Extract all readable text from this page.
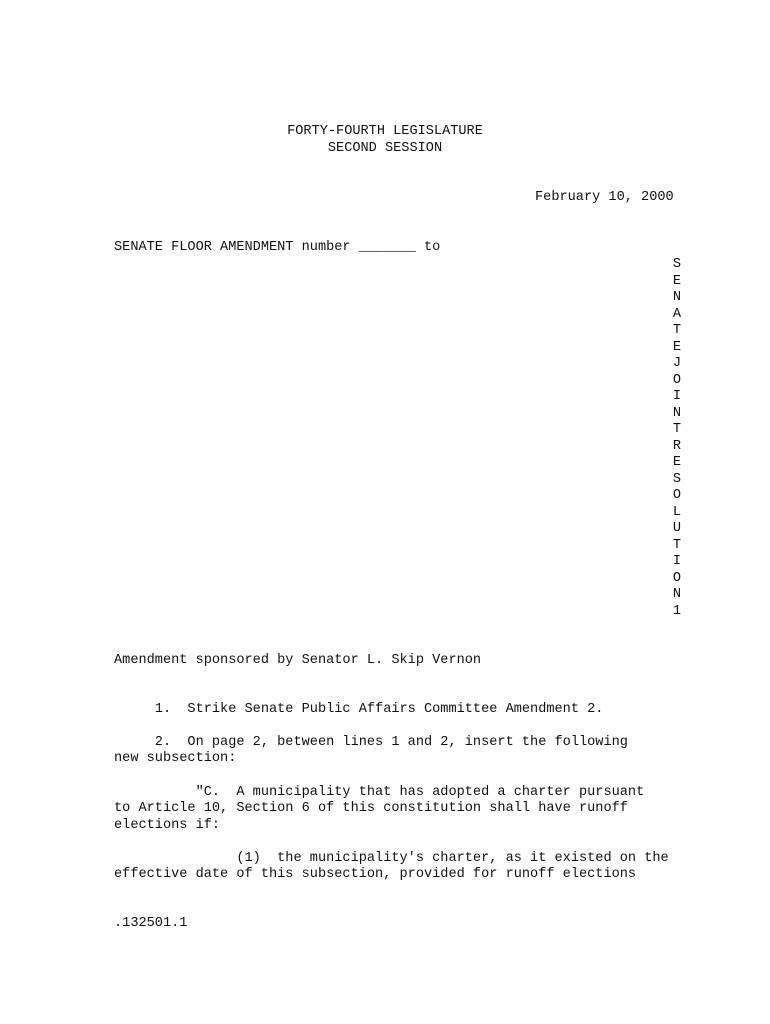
FORTY-FOURTH LEGISLATURE
SECOND SESSION
February 10, 2000
SENATE FLOOR AMENDMENT number _______ to
S
E
N
A
T
E
J
O
I
N
T
R
E
S
O
L
U
T
I
O
N
1
Amendment sponsored by Senator L. Skip Vernon
1.  Strike Senate Public Affairs Committee Amendment 2.
2.  On page 2, between lines 1 and 2, insert the following
new subsection:
"C.  A municipality that has adopted a charter pursuant
to Article 10, Section 6 of this constitution shall have runoff
elections if:
(1)  the municipality's charter, as it existed on the
effective date of this subsection, provided for runoff elections
.132501.1
